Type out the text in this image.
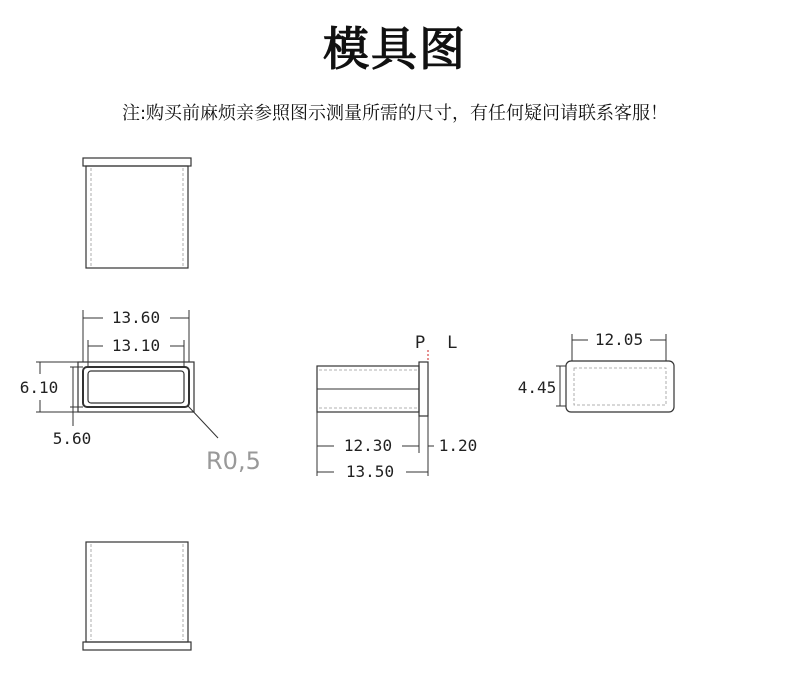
模具图
注:购买前麻烦亲参照图示测量所需的尺寸，有任何疑问请联系客服！
13.60
13.10
6.10
5.60
R0,5
P L
12.30	1.20
13.50
12.05
4.45
